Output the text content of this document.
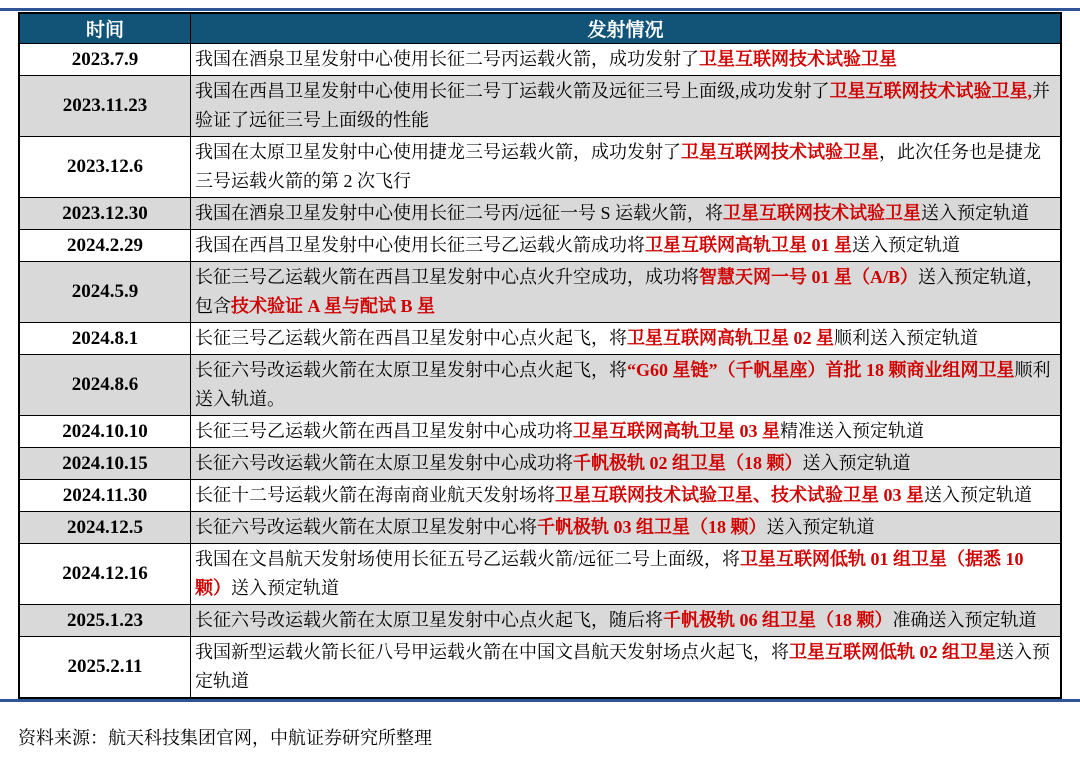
时间	发射情况
2023.7.9	我国在酒泉卫星发射中心使用长征二号丙运载火箭，成功发射了卫星互联网技术试验卫星
2023.11.23	我国在西昌卫星发射中心使用长征二号丁运载火箭及远征三号上面级,成功发射了卫星互联网技术试验卫星,并验证了远征三号上面级的性能
2023.12.6	我国在太原卫星发射中心使用捷龙三号运载火箭，成功发射了卫星互联网技术试验卫星，此次任务也是捷龙三号运载火箭的第 2 次飞行
2023.12.30	我国在酒泉卫星发射中心使用长征二号丙/远征一号 S 运载火箭，将卫星互联网技术试验卫星送入预定轨道
2024.2.29	我国在西昌卫星发射中心使用长征三号乙运载火箭成功将卫星互联网高轨卫星 01 星送入预定轨道
2024.5.9	长征三号乙运载火箭在西昌卫星发射中心点火升空成功，成功将智慧天网一号 01 星（A/B）送入预定轨道，包含技术验证 A 星与配试 B 星
2024.8.1	长征三号乙运载火箭在西昌卫星发射中心点火起飞，将卫星互联网高轨卫星 02 星顺利送入预定轨道
2024.8.6	长征六号改运载火箭在太原卫星发射中心点火起飞，将“G60 星链”（千帆星座）首批 18 颗商业组网卫星顺利送入轨道。
2024.10.10	长征三号乙运载火箭在西昌卫星发射中心成功将卫星互联网高轨卫星 03 星精准送入预定轨道
2024.10.15	长征六号改运载火箭在太原卫星发射中心成功将千帆极轨 02 组卫星（18 颗）送入预定轨道
2024.11.30	长征十二号运载火箭在海南商业航天发射场将卫星互联网技术试验卫星、技术试验卫星 03 星送入预定轨道
2024.12.5	长征六号改运载火箭在太原卫星发射中心将千帆极轨 03 组卫星（18 颗）送入预定轨道
2024.12.16	我国在文昌航天发射场使用长征五号乙运载火箭/远征二号上面级，将卫星互联网低轨 01 组卫星（据悉 10 颗）送入预定轨道
2025.1.23	长征六号改运载火箭在太原卫星发射中心点火起飞，随后将千帆极轨 06 组卫星（18 颗）准确送入预定轨道
2025.2.11	我国新型运载火箭长征八号甲运载火箭在中国文昌航天发射场点火起飞，将卫星互联网低轨 02 组卫星送入预定轨道
资料来源：航天科技集团官网，中航证券研究所整理
